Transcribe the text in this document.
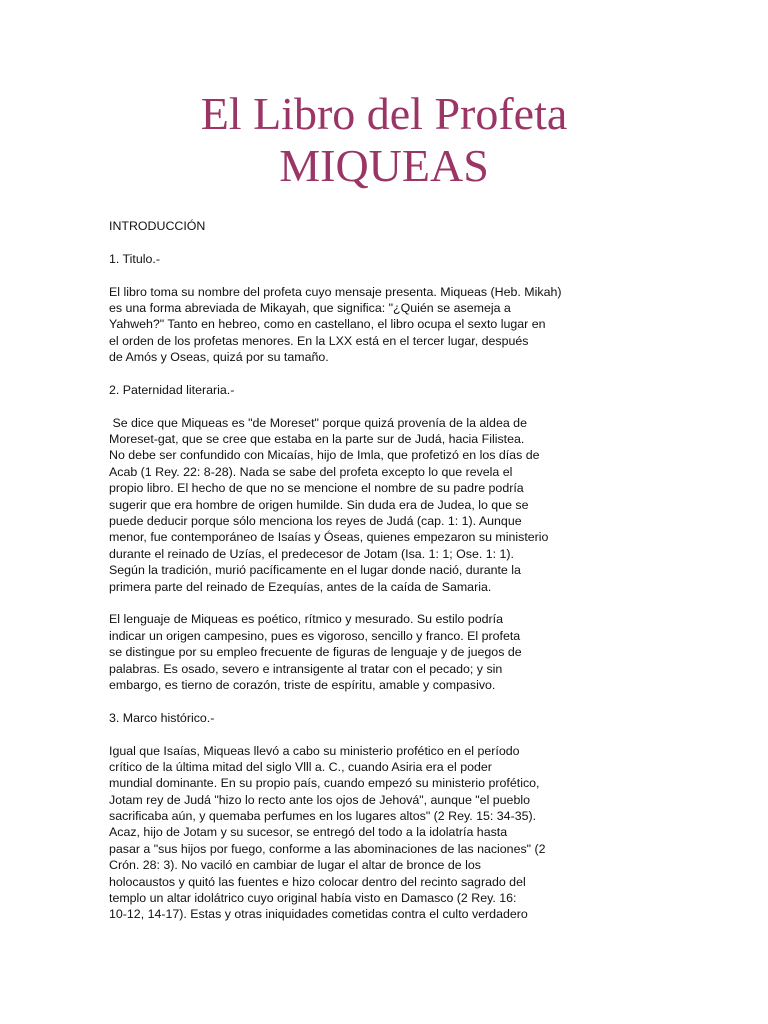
El Libro del Profeta
MIQUEAS
INTRODUCCIÓN
1. Titulo.-
El libro toma su nombre del profeta cuyo mensaje presenta. Miqueas (Heb. Mikah)
es una forma abreviada de Mikayah, que significa: "¿Quién se asemeja a
Yahweh?" Tanto en hebreo, como en castellano, el libro ocupa el sexto lugar en
el orden de los profetas menores. En la LXX está en el tercer lugar, después
de Amós y Oseas, quizá por su tamaño.
2. Paternidad literaria.-
Se dice que Miqueas es "de Moreset" porque quizá provenía de la aldea de
Moreset-gat, que se cree que estaba en la parte sur de Judá, hacia Filistea.
No debe ser confundido con Micaías, hijo de Imla, que profetizó en los días de
Acab (1 Rey. 22: 8-28). Nada se sabe del profeta excepto lo que revela el
propio libro. El hecho de que no se mencione el nombre de su padre podría
sugerir que era hombre de origen humilde. Sin duda era de Judea, lo que se
puede deducir porque sólo menciona los reyes de Judá (cap. 1: 1). Aunque
menor, fue contemporáneo de Isaías y Óseas, quienes empezaron su ministerio
durante el reinado de Uzías, el predecesor de Jotam (Isa. 1: 1; Ose. 1: 1).
Según la tradición, murió pacíficamente en el lugar donde nació, durante la
primera parte del reinado de Ezequías, antes de la caída de Samaria.
El lenguaje de Miqueas es poético, rítmico y mesurado. Su estilo podría
indicar un origen campesino, pues es vigoroso, sencillo y franco. El profeta
se distingue por su empleo frecuente de figuras de lenguaje y de juegos de
palabras. Es osado, severo e intransigente al tratar con el pecado; y sin
embargo, es tierno de corazón, triste de espíritu, amable y compasivo.
3. Marco histórico.-
Igual que Isaías, Miqueas llevó a cabo su ministerio profético en el período
crítico de la última mitad del siglo Vlll a. C., cuando Asiria era el poder
mundial dominante. En su propio país, cuando empezó su ministerio profético,
Jotam rey de Judá "hizo lo recto ante los ojos de Jehová", aunque "el pueblo
sacrificaba aún, y quemaba perfumes en los lugares altos" (2 Rey. 15: 34-35).
Acaz, hijo de Jotam y su sucesor, se entregó del todo a la idolatría hasta
pasar a "sus hijos por fuego, conforme a las abominaciones de las naciones" (2
Crón. 28: 3). No vaciló en cambiar de lugar el altar de bronce de los
holocaustos y quitó las fuentes e hizo colocar dentro del recinto sagrado del
templo un altar idolátrico cuyo original había visto en Damasco (2 Rey. 16:
10-12, 14-17). Estas y otras iniquidades cometidas contra el culto verdadero
